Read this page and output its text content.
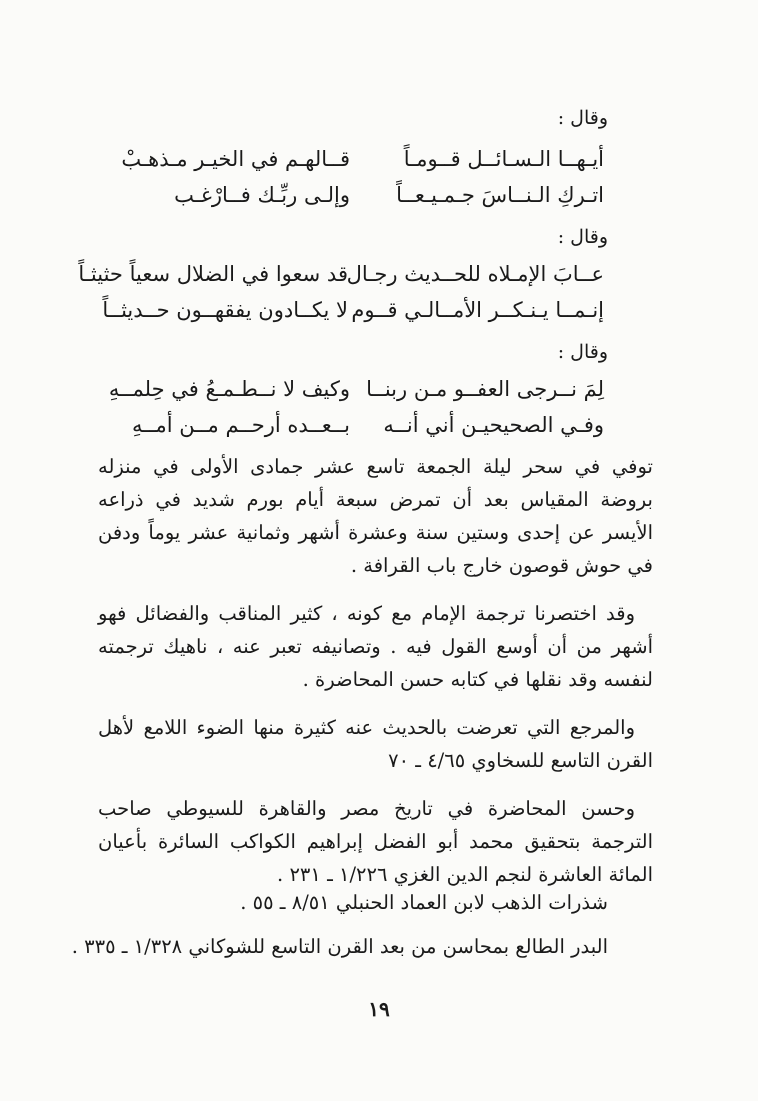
وقال :
أيـهــا الـسـائــل قــومـاً
قــالهـم في الخيـر مـذهـبْ
اتـركِ الـنــاسَ جـمـيـعــاً
وإلـى ربِّـك فــارْغـب
وقال :
عــابَ الإمـلاه للحــديث رجـال
قد سعوا في الضلال سعياً حثيثـاً
إنـمــا يـنـكــر الأمــالـي قــوم
لا يكــادون يفقهــون حــديثــاً
وقال :
لِمَ نــرجى العفــو مـن ربنــا
وكيف لا نــطـمـعُ في حِلمــهِ
وفـي الصحيحيـن أني أنــه
بــعــده أرحــم مــن أمــهِ

توفي في سحر ليلة الجمعة تاسع عشر جمادى الأولى في منزله بروضة المقياس بعد أن تمرض سبعة أيام بورم شديد في ذراعه الأيسر عن إحدى وستين سنة وعشرة أشهر وثمانية عشر يوماً ودفن في حوش قوصون خارج باب القرافة .

وقد اختصرنا ترجمة الإمام مع كونه ، كثير المناقب والفضائل فهو أشهر من أن أوسع القول فيه . وتصانيفه تعبر عنه ، ناهيك ترجمته لنفسه وقد نقلها في كتابه حسن المحاضرة .

والمرجع التي تعرضت بالحديث عنه كثيرة منها الضوء اللامع لأهل القرن التاسع للسخاوي ٤/٦٥ ـ ٧٠

وحسن المحاضرة في تاريخ مصر والقاهرة للسيوطي صاحب الترجمة بتحقيق محمد أبو الفضل إبراهيم الكواكب السائرة بأعيان المائة العاشرة لنجم الدين الغزي ١/٢٢٦ ـ ٢٣١ .

شذرات الذهب لابن العماد الحنبلي ٨/٥١ ـ ٥٥ .
البدر الطالع بمحاسن من بعد القرن التاسع للشوكاني ١/٣٢٨ ـ ٣٣٥ .
١٩
